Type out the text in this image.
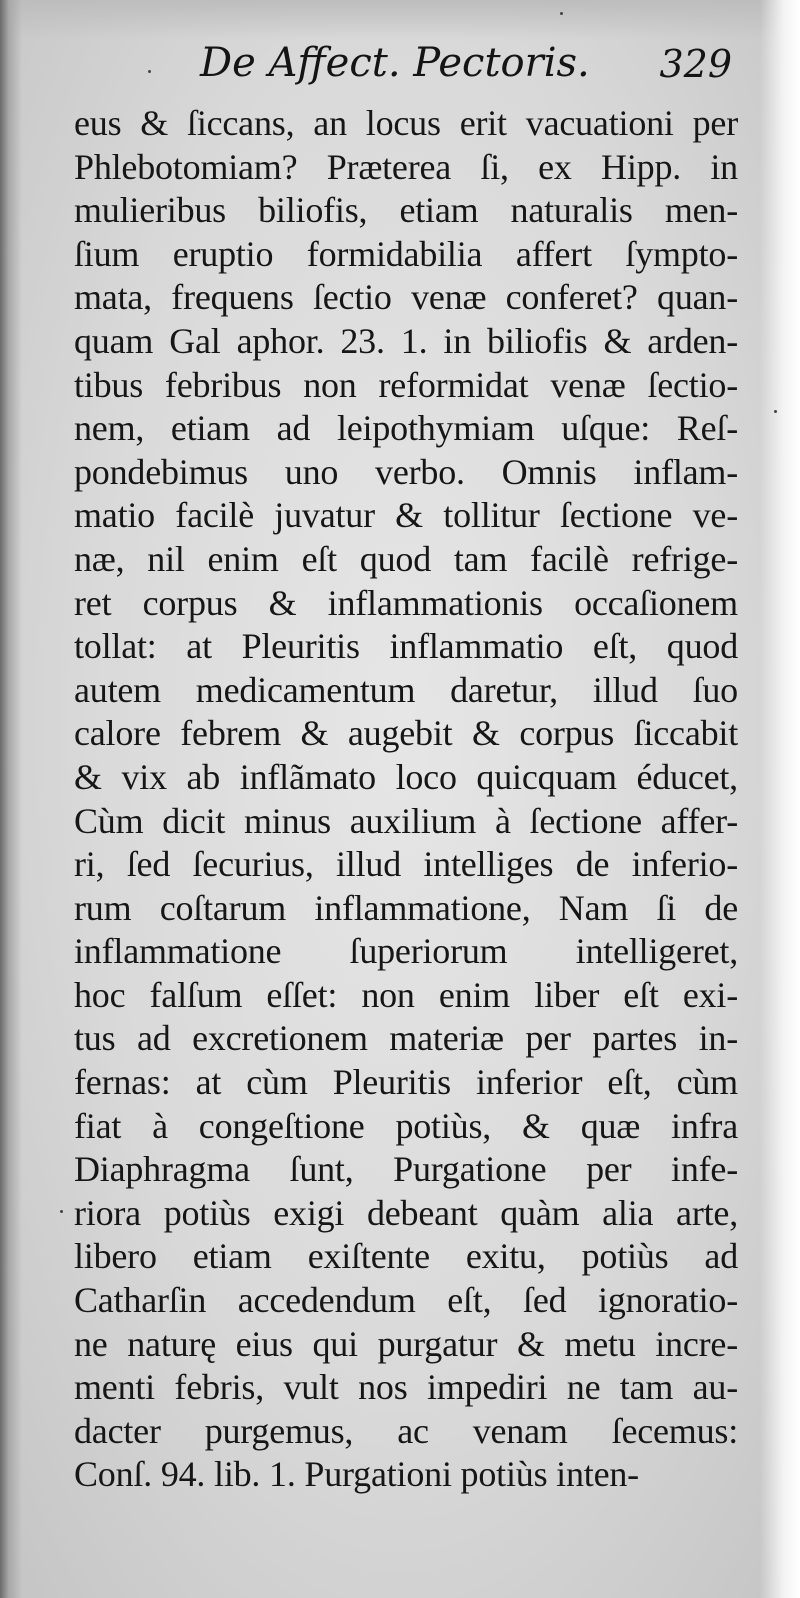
De Affect. Pectoris. 329
eus & ſiccans, an locus erit vacuationi per
Phlebotomiam? Præterea ſi, ex Hipp. in
mulieribus biliofis, etiam naturalis men-
ſium eruptio formidabilia affert ſympto-
mata, frequens ſectio venæ conferet? quan-
quam Gal aphor. 23. 1. in biliofis & arden-
tibus febribus non reformidat venæ ſectio-
nem, etiam ad leipothymiam uſque: Reſ-
pondebimus uno verbo. Omnis inflam-
matio facilè juvatur & tollitur ſectione ve-
næ, nil enim eſt quod tam facilè refrige-
ret corpus & inflammationis occaſionem
tollat: at Pleuritis inflammatio eſt, quod
autem medicamentum daretur, illud ſuo
calore febrem & augebit & corpus ſiccabit
& vix ab inflãmato loco quicquam éducet,
Cùm dicit minus auxilium à ſectione affer-
ri, ſed ſecurius, illud intelliges de inferio-
rum coſtarum inflammatione, Nam ſi de
inflammatione ſuperiorum intelligeret,
hoc falſum eſſet: non enim liber eſt exi-
tus ad excretionem materiæ per partes in-
fernas: at cùm Pleuritis inferior eſt, cùm
fiat à congeſtione potiùs, & quæ infra
Diaphragma ſunt, Purgatione per infe-
riora potiùs exigi debeant quàm alia arte,
libero etiam exiſtente exitu, potiùs ad
Catharſin accedendum eſt, ſed ignoratio-
ne naturę eius qui purgatur & metu incre-
menti febris, vult nos impediri ne tam au-
dacter purgemus, ac venam ſecemus:
Conſ. 94. lib. 1. Purgationi potiùs inten-
